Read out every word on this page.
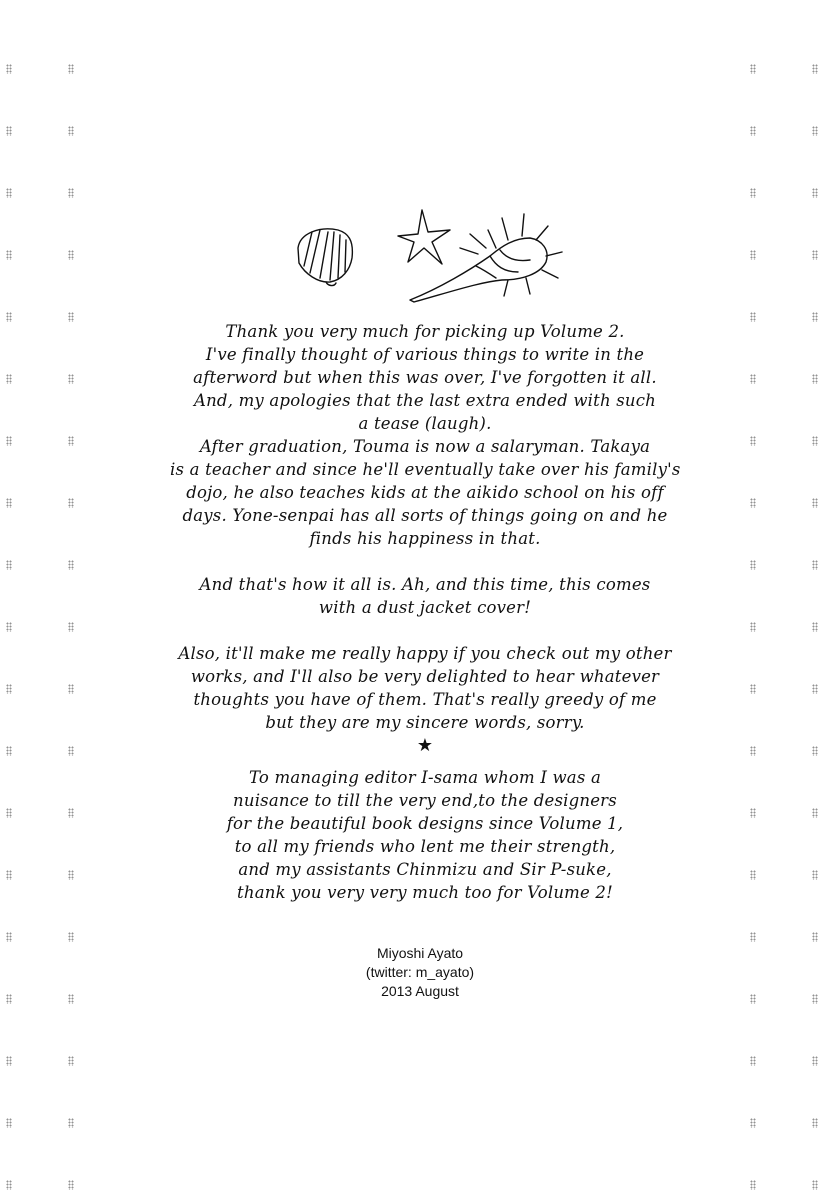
Thank you very much for picking up Volume 2.
I've finally thought of various things to write in the
afterword but when this was over, I've forgotten it all.
And, my apologies that the last extra ended with such
a tease (laugh).
After graduation, Touma is now a salaryman. Takaya
is a teacher and since he'll eventually take over his family's
dojo, he also teaches kids at the aikido school on his off
days. Yone-senpai has all sorts of things going on and he
finds his happiness in that.
And that's how it all is. Ah, and this time, this comes
with a dust jacket cover!
Also, it'll make me really happy if you check out my other
works, and I'll also be very delighted to hear whatever
thoughts you have of them. That's really greedy of me
but they are my sincere words, sorry.
★
To managing editor I-sama whom I was a
nuisance to till the very end,to the designers
for the beautiful book designs since Volume 1,
to all my friends who lent me their strength,
and my assistants Chinmizu and Sir P-suke,
thank you very very much too for Volume 2!
Miyoshi Ayato
(twitter: m_ayato)
2013 August
